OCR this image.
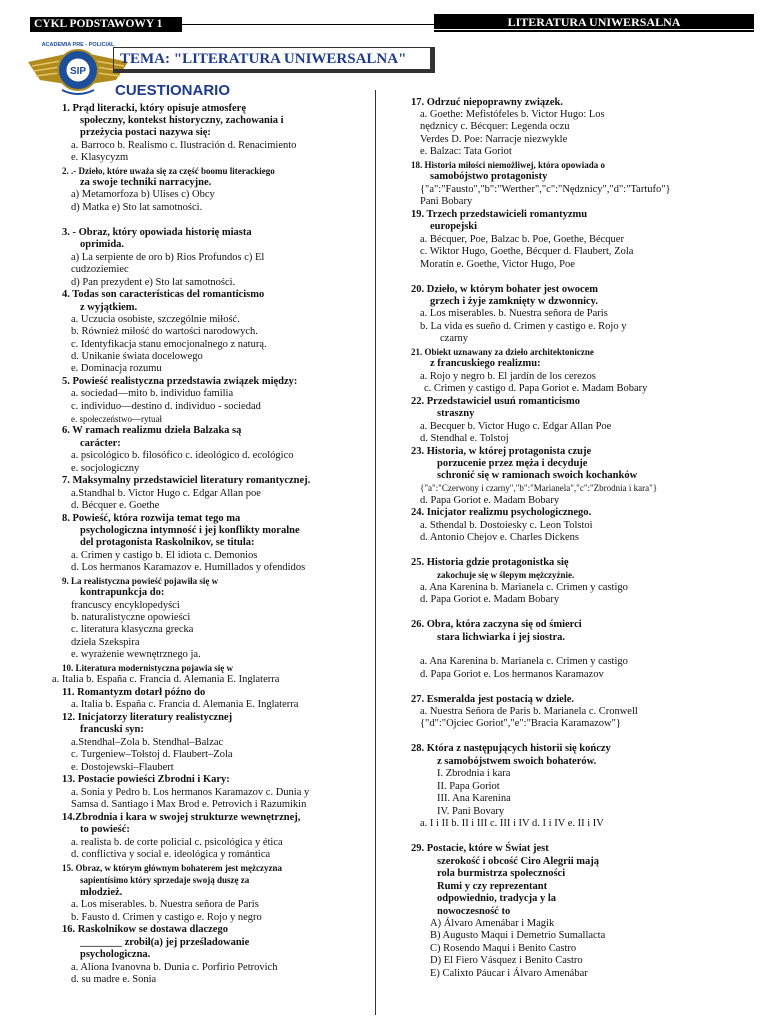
CYKL PODSTAWOWY 1	LITERATURA UNIWERSALNA
SIP
ACADEMIA PRE - POLICIAL
TEMA: "LITERATURA UNIWERSALNA"
CUESTIONARIO
1. Prąd literacki, który opisuje atmosferę
społeczny, kontekst historyczny, zachowania i
przeżycia postaci nazywa się:
a. Barroco b. Realismo c. Ilustración d. Renacimiento
e. Klasycyzm
2. .- Dzieło, które uważa się za część boomu literackiego
za swoje techniki narracyjne.
a) Metamorfoza b) Ulises c) Obcy
d) Matka e) Sto lat samotności.
3. - Obraz, który opowiada historię miasta
oprimida.
a) La serpiente de oro b) Rios Profundos c) El
cudzoziemiec
d) Pan prezydent e) Sto lat samotności.
4. Todas son características del romanticismo
z wyjątkiem.
a. Uczucia osobiste, szczególnie miłość.
b. Również miłość do wartości narodowych.
c. Identyfikacja stanu emocjonalnego z naturą.
d. Unikanie świata docelowego
e. Dominacja rozumu
5. Powieść realistyczna przedstawia związek między:
a. sociedad—mito b. individuo familia
c. individuo—destino d. individuo - sociedad
e. społeczeństwo—rytuał
6. W ramach realizmu dzieła Balzaka są
carácter:
a. psicológico b. filosófico c. ideológico d. ecológico
e. socjologiczny
7. Maksymalny przedstawiciel literatury romantycznej.
a.Standhal b. Victor Hugo c. Edgar Allan poe
d. Bécquer e. Goethe
8. Powieść, która rozwija temat tego ma
psychologiczna intymność i jej konflikty moralne
del protagonista Raskolnikov, se titula:
a. Crimen y castigo b. El idiota c. Demonios
d. Los hermanos Karamazov e. Humillados y ofendidos
9. La realistyczna powieść pojawiła się w
kontrapunkcja do:
francuscy encyklopedyści
b. naturalistyczne opowieści
c. literatura klasyczna grecka
dzieła Szekspira
e. wyrażenie wewnętrznego ja.
10. Literatura modernistyczna pojawia się w
a. Italia b. España c. Francia d. Alemania E. Inglaterra
11. Romantyzm dotarł późno do
a. Italia b. España c. Francia d. Alemania E. Inglaterra
12. Inicjatorzy literatury realistycznej
francuski syn:
a.Stendhal–Zola b. Stendhal–Balzac
c. Turgeniew–Tołstoj d. Flaubert–Zola
e. Dostojewski–Flaubert
13. Postacie powieści Zbrodni i Kary:
a. Sonia y Pedro b. Los hermanos Karamazov c. Dunia y
Samsa d. Santiago i Max Brod e. Petrovich i Razumikin
14.Zbrodnia i kara w swojej strukturze wewnętrznej,
to powieść:
a. realista b. de corte policial c. psicológica y ética
d. conflictiva y social e. ideológica y romántica
15. Obraz, w którym głównym bohaterem jest mężczyzna
sapientísimo który sprzedaje swoją duszę za
młodzież.
a. Los miserables. b. Nuestra señora de Paris
b. Fausto d. Crimen y castigo e. Rojo y negro
16. Raskolnikow se dostawa dlaczego
________ zrobił(a) jej prześladowanie
psychologiczna.
a. Aliona Ivanovna b. Dunia c. Porfirio Petrovich
d. su madre e. Sonia
17. Odrzuć niepoprawny związek.
a. Goethe: Mefistófeles b. Victor Hugo: Los
nędznicy c. Bécquer: Legenda oczu
Verdes D. Poe: Narracje niezwykle
e. Balzac: Tata Goriot
18. Historia miłości niemożliwej, która opowiada o
samobójstwo protagonisty
{"a":"Fausto","b":"Werther","c":"Nędznicy","d":"Tartufo"}
Pani Bobary
19. Trzech przedstawicieli romantyzmu
europejski
a. Bécquer, Poe, Balzac b. Poe, Goethe, Bécquer
c. Wiktor Hugo, Goethe, Bécquer d. Flaubert, Zola
Moratín e. Goethe, Victor Hugo, Poe
20. Dzieło, w którym bohater jest owocem
grzech i żyje zamknięty w dzwonnicy.
a. Los miserables. b. Nuestra señora de Paris
b. La vida es sueño d. Crimen y castigo e. Rojo y
czarny
21. Obiekt uznawany za dzieło architektoniczne
z francuskiego realizmu:
a. Rojo y negro b. El jardín de los cerezos
c. Crimen y castigo d. Papa Goriot e. Madam Bobary
22. Przedstawiciel usuń romanticismo
straszny
a. Becquer b. Victor Hugo c. Edgar Allan Poe
d. Stendhal e. Tolstoj
23. Historia, w której protagonista czuje
porzucenie przez męża i decyduje
schronić się w ramionach swoich kochanków
{"a":"Czerwony i czarny","b":"Marianela","c":"Zbrodnia i kara"}
d. Papa Goriot e. Madam Bobary
24. Inicjator realizmu psychologicznego.
a. Sthendal b. Dostoiesky c. Leon Tolstoi
d. Antonio Chejov e. Charles Dickens
25. Historia gdzie protagonistka się
zakochuje się w ślepym mężczyźnie.
a. Ana Karenina b. Marianela c. Crimen y castigo
d. Papa Goriot e. Madam Bobary
26. Obra, która zaczyna się od śmierci
stara lichwiarka i jej siostra.
a. Ana Karenina b. Marianela c. Crimen y castigo
d. Papa Goriot e. Los hermanos Karamazov
27. Esmeralda jest postacią w dziele.
a. Nuestra Señora de Paris b. Marianela c. Cronwell
{"d":"Ojciec Goriot","e":"Bracia Karamazow"}
28. Która z następujących historii się kończy
z samobójstwem swoich bohaterów.
I. Zbrodnia i kara
II. Papa Goriot
III. Ana Karenina
IV. Pani Bovary
a. I i II b. II i III c. III i IV d. I i IV e. II i IV
29. Postacie, które w Świat jest
szerokość i obcość Ciro Alegrii mają
rola burmistrza społeczności
Rumi y czy reprezentant
odpowiednio, tradycja y la
nowoczesność to
A) Álvaro Amenábar i Magik
B) Augusto Maqui i Demetrio Sumallacta
C) Rosendo Maqui i Benito Castro
D) El Fiero Vásquez i Benito Castro
E) Calixto Páucar i Álvaro Amenábar
